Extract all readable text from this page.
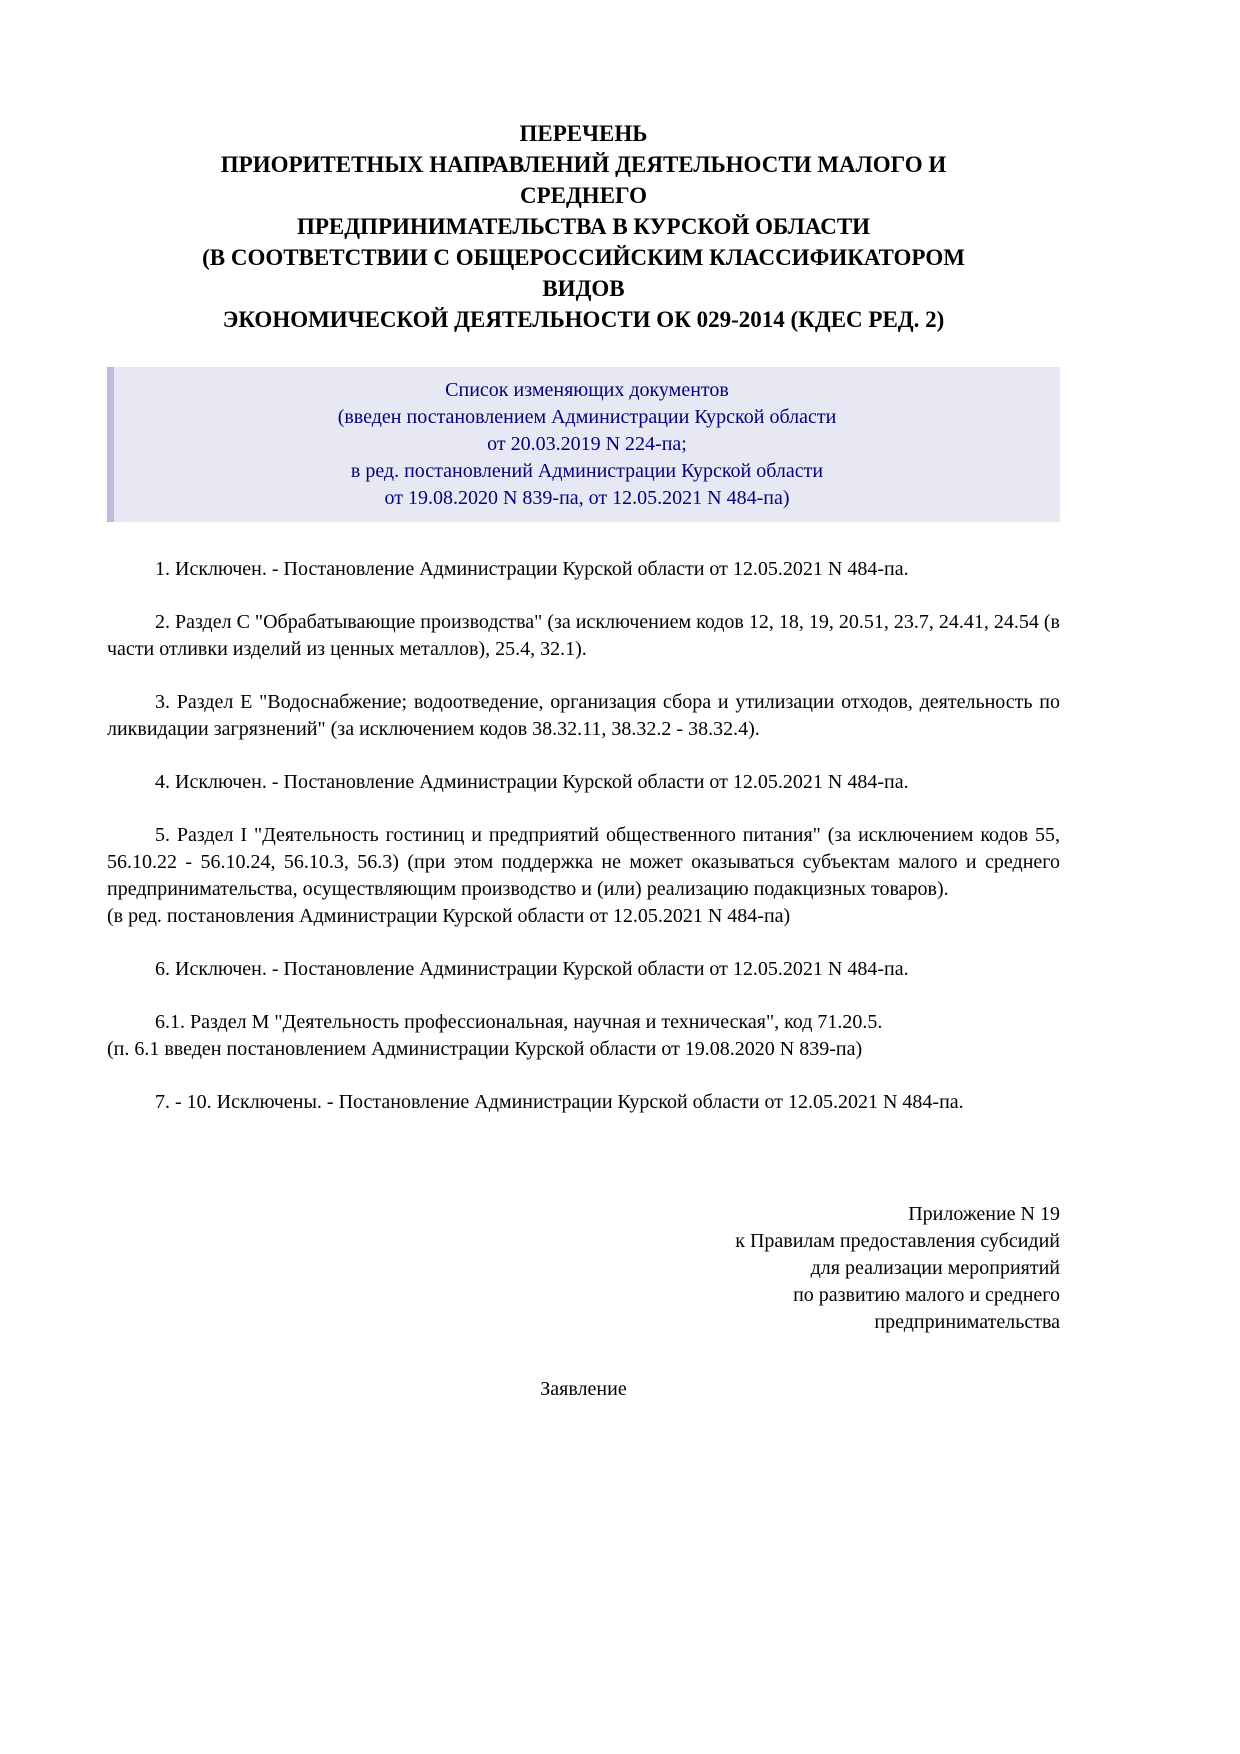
ПЕРЕЧЕНЬ
ПРИОРИТЕТНЫХ НАПРАВЛЕНИЙ ДЕЯТЕЛЬНОСТИ МАЛОГО И
СРЕДНЕГО
ПРЕДПРИНИМАТЕЛЬСТВА В КУРСКОЙ ОБЛАСТИ
(В СООТВЕТСТВИИ С ОБЩЕРОССИЙСКИМ КЛАССИФИКАТОРОМ
ВИДОВ
ЭКОНОМИЧЕСКОЙ ДЕЯТЕЛЬНОСТИ ОК 029-2014 (КДЕС РЕД. 2)
Список изменяющих документов
(введен постановлением Администрации Курской области
от 20.03.2019 N 224-па;
в ред. постановлений Администрации Курской области
от 19.08.2020 N 839-па, от 12.05.2021 N 484-па)

1. Исключен. - Постановление Администрации Курской области от 12.05.2021 N 484-па.

2. Раздел C "Обрабатывающие производства" (за исключением кодов 12, 18, 19, 20.51, 23.7, 24.41, 24.54 (в части отливки изделий из ценных металлов), 25.4, 32.1).

3. Раздел E "Водоснабжение; водоотведение, организация сбора и утилизации отходов, деятельность по ликвидации загрязнений" (за исключением кодов 38.32.11, 38.32.2 - 38.32.4).

4. Исключен. - Постановление Администрации Курской области от 12.05.2021 N 484-па.

5. Раздел I "Деятельность гостиниц и предприятий общественного питания" (за исключением кодов 55, 56.10.22 - 56.10.24, 56.10.3, 56.3) (при этом поддержка не может оказываться субъектам малого и среднего предпринимательства, осуществляющим производство и (или) реализацию подакцизных товаров).

(в ред. постановления Администрации Курской области от 12.05.2021 N 484-па)

6. Исключен. - Постановление Администрации Курской области от 12.05.2021 N 484-па.

6.1. Раздел M "Деятельность профессиональная, научная и техническая", код 71.20.5.

(п. 6.1 введен постановлением Администрации Курской области от 19.08.2020 N 839-па)

7. - 10. Исключены. - Постановление Администрации Курской области от 12.05.2021 N 484-па.

Приложение N 19
к Правилам предоставления субсидий
для реализации мероприятий
по развитию малого и среднего
предпринимательства
Заявление
